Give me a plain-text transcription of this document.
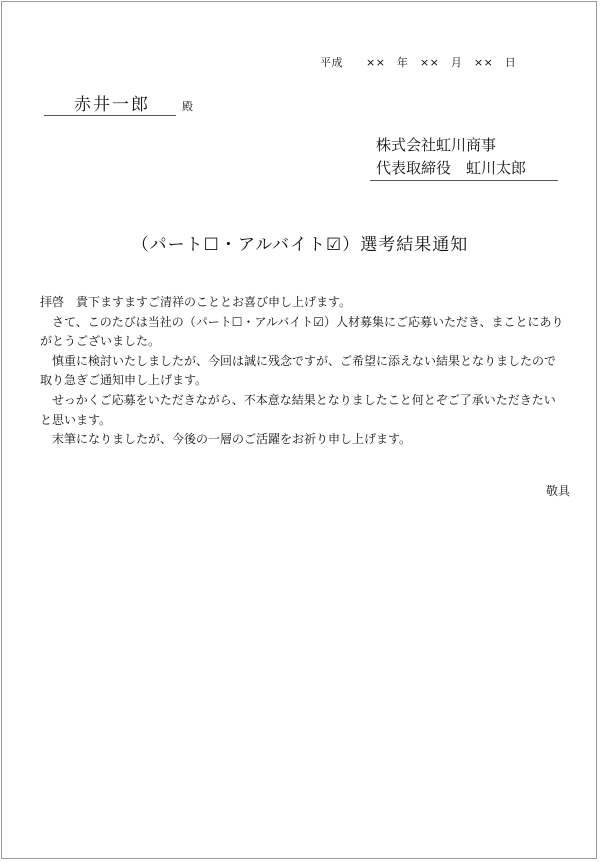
平成　　××　年　××　月　××　日
赤井一郎	殿
株式会社虹川商事
代表取締役　虹川太郎
（パート☐・アルバイト☑）選考結果通知

拝啓　貴下ますますご清祥のこととお喜び申し上げます。

さて、このたびは当社の（パート☐・アルバイト☑）人材募集にご応募いただき、まことにありがとうございました。

慎重に検討いたしましたが、今回は誠に残念ですが、ご希望に添えない結果となりましたので取り急ぎご通知申し上げます。

せっかくご応募をいただきながら、不本意な結果となりましたこと何とぞご了承いただきたいと思います。

末筆になりましたが、今後の一層のご活躍をお祈り申し上げます。

敬具
